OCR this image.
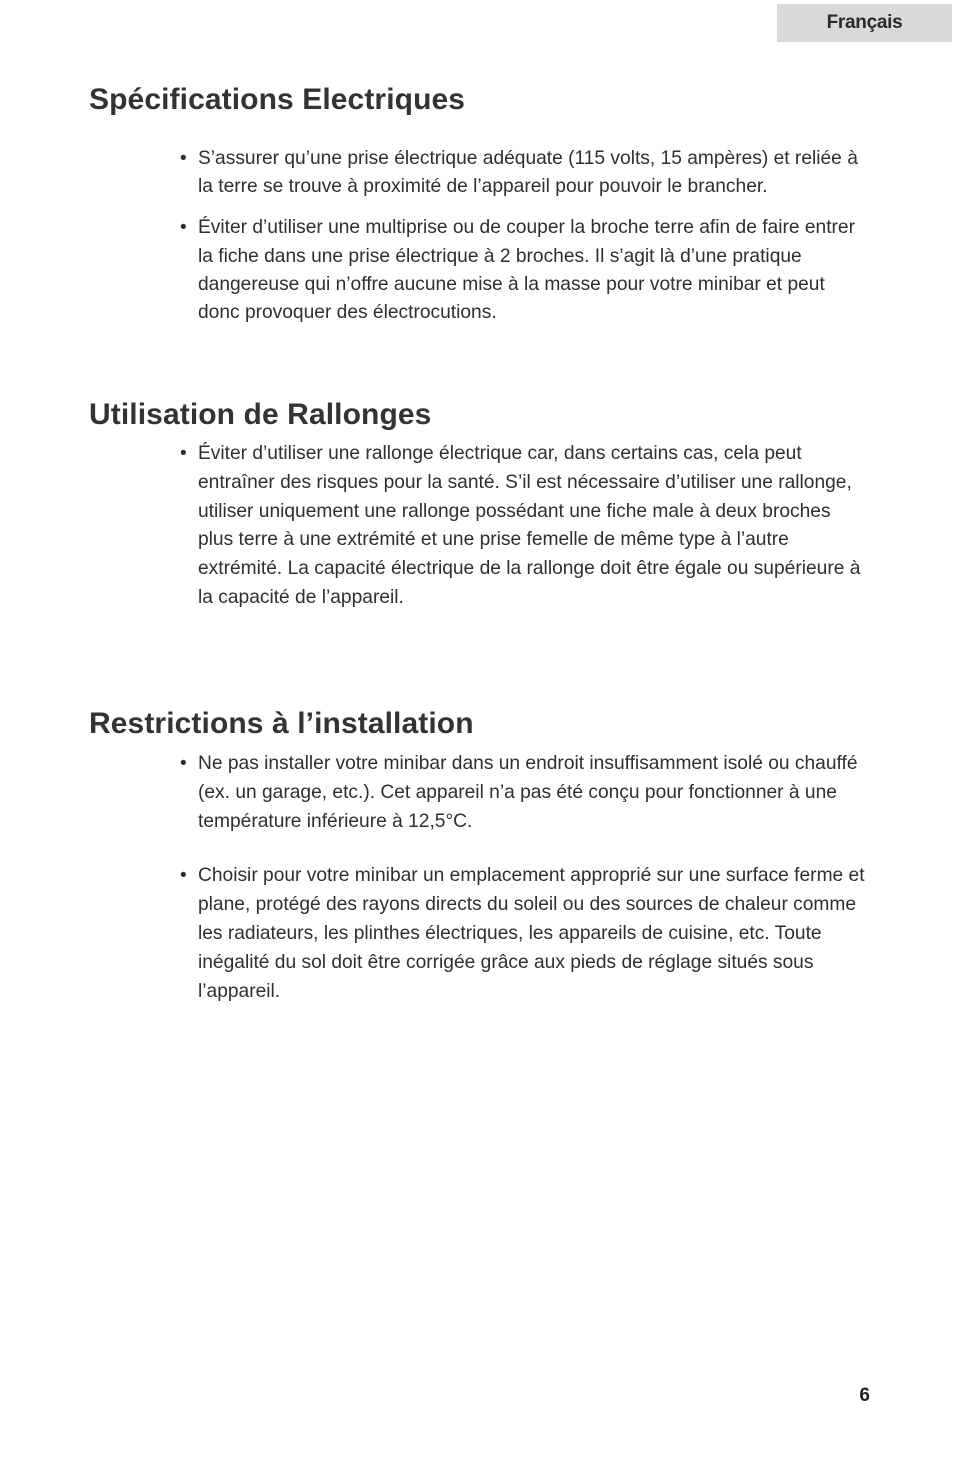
Français
Spécifications Electriques
• S’assurer qu’une prise électrique adéquate (115 volts, 15 ampères) et reliée à la terre se trouve à proximité de l’appareil pour pouvoir le brancher.
• Éviter d’utiliser une multiprise ou de couper la broche terre afin de faire entrer la fiche dans une prise électrique à 2 broches. Il s’agit là d’une pratique dangereuse qui n’offre aucune mise à la masse pour votre minibar et peut donc provoquer des électrocutions.
Utilisation de Rallonges
• Éviter d’utiliser une rallonge électrique car, dans certains cas, cela peut entraîner des risques pour la santé. S’il est nécessaire d’utiliser une rallonge, utiliser uniquement une rallonge possédant une fiche male à deux broches plus terre à une extrémité et une prise femelle de même type à l’autre extrémité. La capacité électrique de la rallonge doit être égale ou supérieure à la capacité de l’appareil.
Restrictions à l’installation
• Ne pas installer votre minibar dans un endroit insuffisamment isolé ou chauffé (ex. un garage, etc.). Cet appareil n’a pas été conçu pour fonctionner à une température inférieure à 12,5°C.
• Choisir pour votre minibar un emplacement approprié sur une surface ferme et plane, protégé des rayons directs du soleil ou des sources de chaleur comme les radiateurs, les plinthes électriques, les appareils de cuisine, etc. Toute inégalité du sol doit être corrigée grâce aux pieds de réglage situés sous l’appareil.
6
